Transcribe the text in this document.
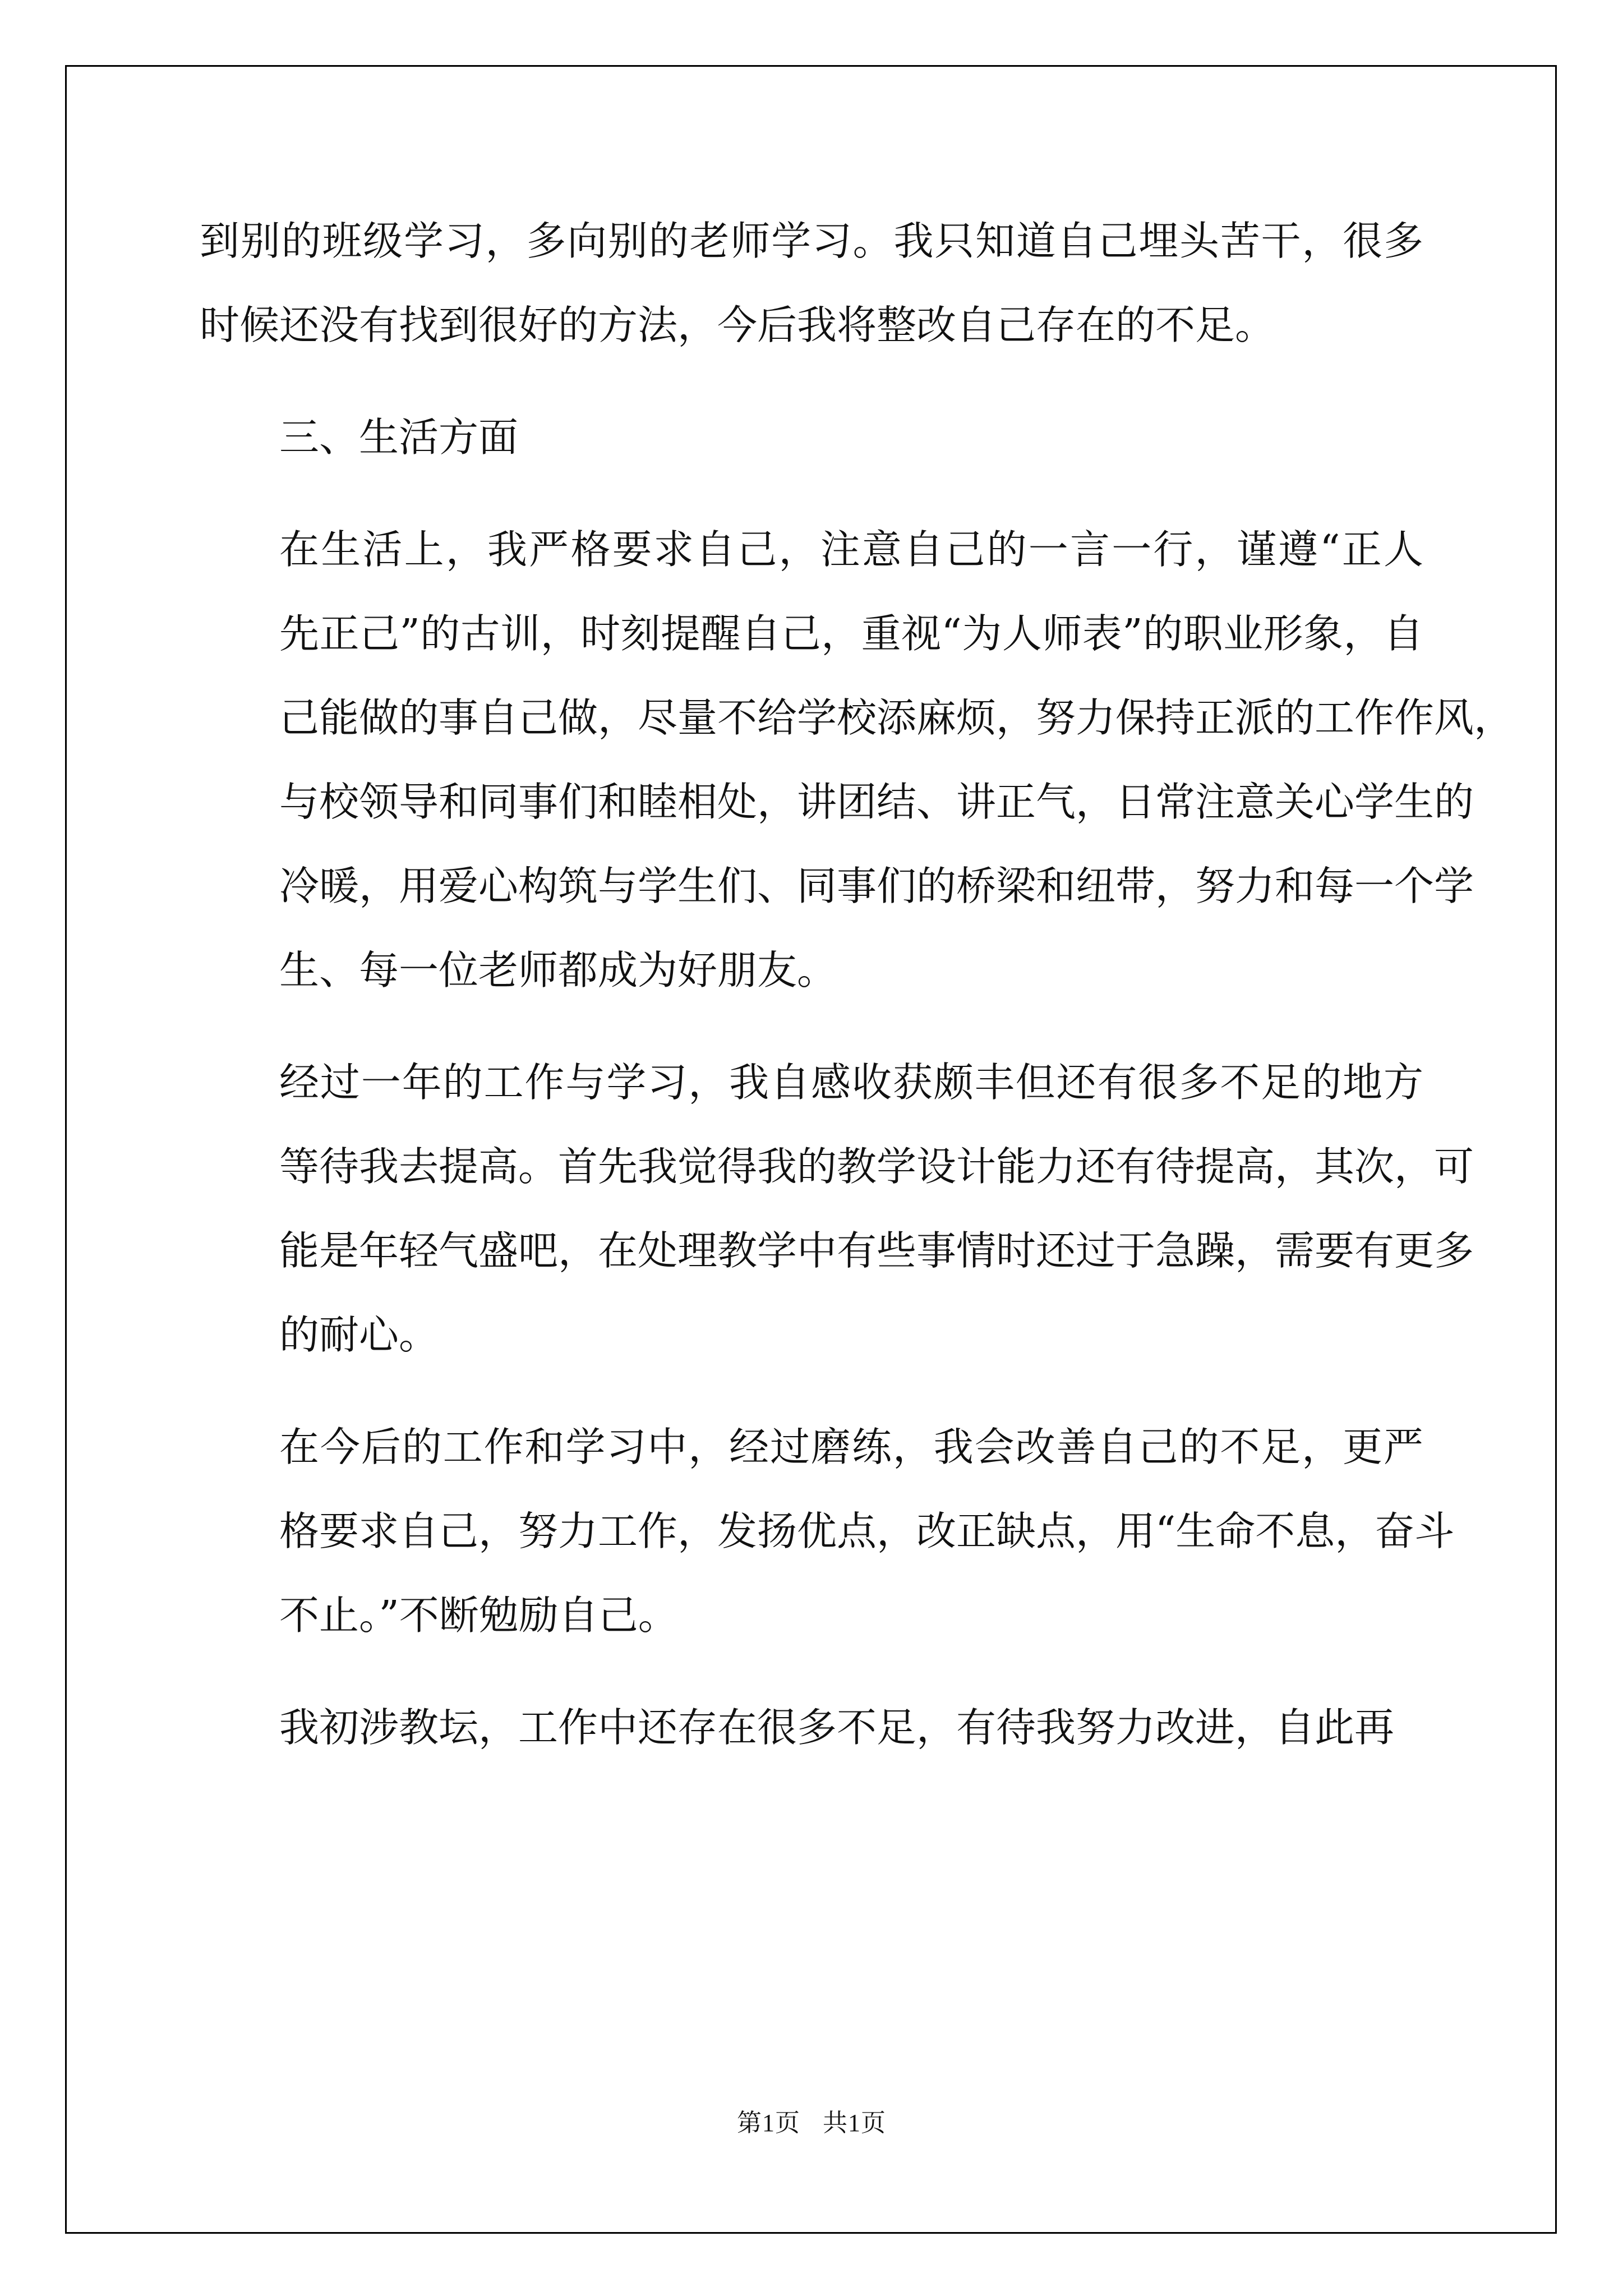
到别的班级学习，多向别的老师学习。我只知道自己埋头苦干，很多
时候还没有找到很好的方法，今后我将整改自己存在的不足。
三、生活方面
在生活上，我严格要求自己，注意自己的一言一行，谨遵“正人
先正己”的古训，时刻提醒自己，重视“为人师表”的职业形象，自
己能做的事自己做，尽量不给学校添麻烦，努力保持正派的工作作风，
与校领导和同事们和睦相处，讲团结、讲正气，日常注意关心学生的
冷暖，用爱心构筑与学生们、同事们的桥梁和纽带，努力和每一个学
生、每一位老师都成为好朋友。
经过一年的工作与学习，我自感收获颇丰但还有很多不足的地方
等待我去提高。首先我觉得我的教学设计能力还有待提高，其次，可
能是年轻气盛吧，在处理教学中有些事情时还过于急躁，需要有更多
的耐心。
在今后的工作和学习中，经过磨练，我会改善自己的不足，更严
格要求自己，努力工作，发扬优点，改正缺点，用“生命不息，奋斗
不止。”不断勉励自己。
我初涉教坛，工作中还存在很多不足，有待我努力改进，自此再
第1页 共1页
